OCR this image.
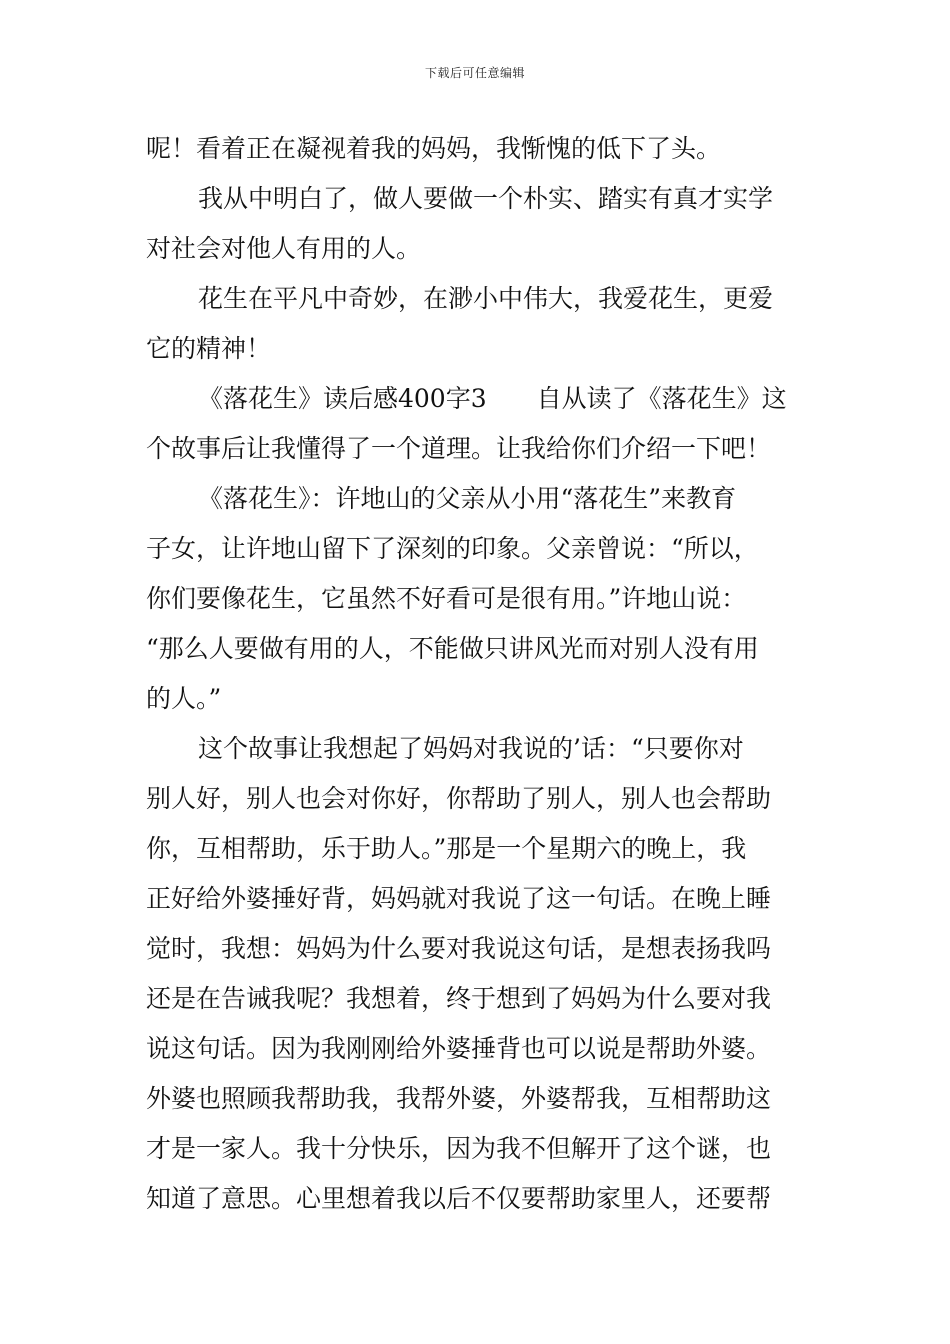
下载后可任意编辑
呢！看着正在凝视着我的妈妈，我惭愧的低下了头。
我从中明白了，做人要做一个朴实、踏实有真才实学
对社会对他人有用的人。
花生在平凡中奇妙，在渺小中伟大，我爱花生，更爱
它的精神！
《落花生》读后感400字3　　自从读了《落花生》这
个故事后让我懂得了一个道理。让我给你们介绍一下吧！
《落花生》：许地山的父亲从小用“落花生”来教育
子女，让许地山留下了深刻的印象。父亲曾说：“所以，
你们要像花生，它虽然不好看可是很有用。”许地山说：
“那么人要做有用的人，不能做只讲风光而对别人没有用
的人。”
这个故事让我想起了妈妈对我说的’话：“只要你对
别人好，别人也会对你好，你帮助了别人，别人也会帮助
你，互相帮助，乐于助人。”那是一个星期六的晚上，我
正好给外婆捶好背，妈妈就对我说了这一句话。在晚上睡
觉时，我想：妈妈为什么要对我说这句话，是想表扬我吗
还是在告诫我呢？我想着，终于想到了妈妈为什么要对我
说这句话。因为我刚刚给外婆捶背也可以说是帮助外婆。
外婆也照顾我帮助我，我帮外婆，外婆帮我，互相帮助这
才是一家人。我十分快乐，因为我不但解开了这个谜，也
知道了意思。心里想着我以后不仅要帮助家里人，还要帮
